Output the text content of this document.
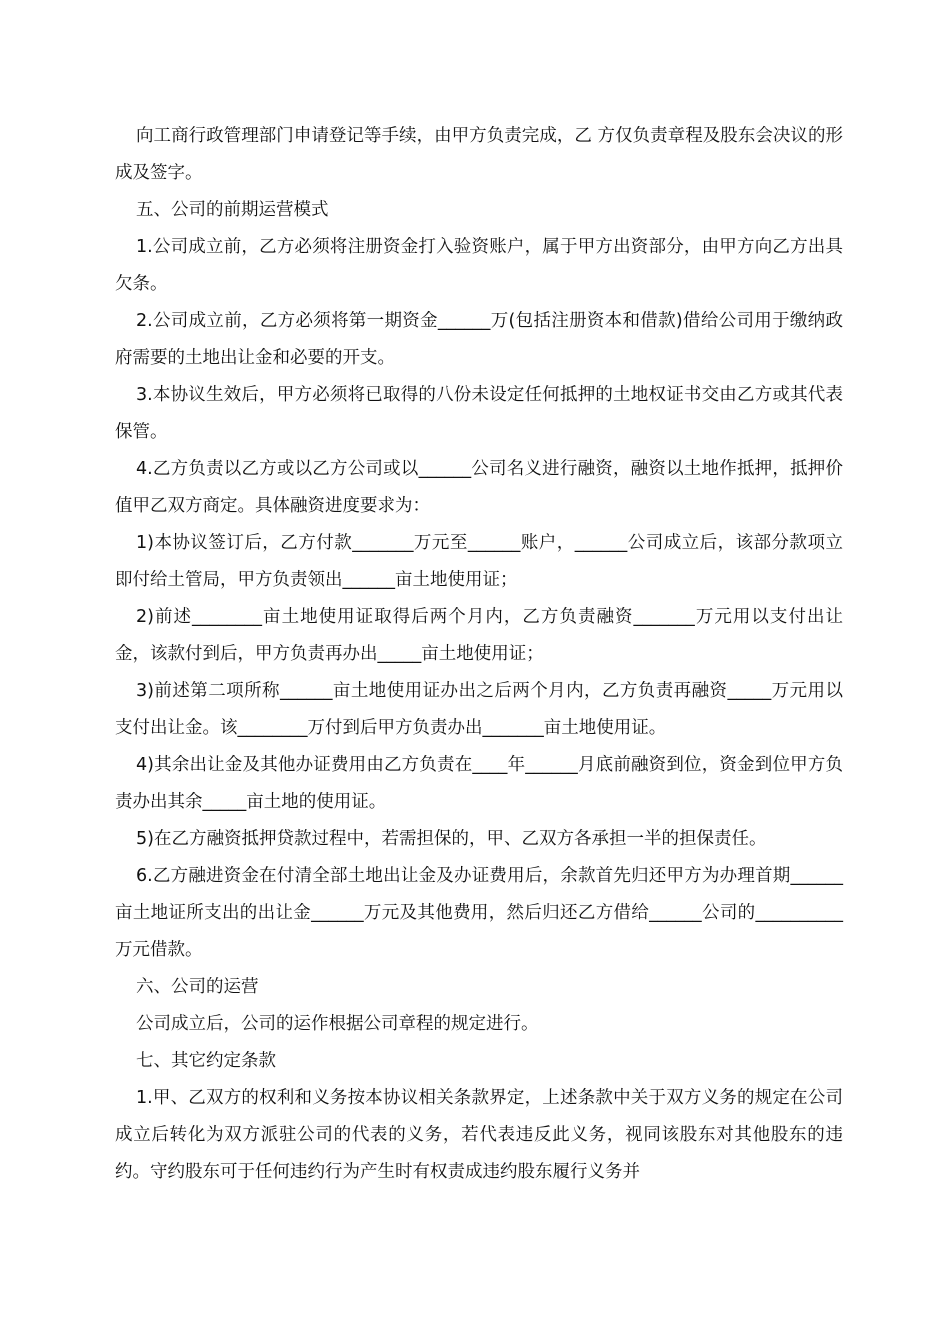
向工商行政管理部门申请登记等手续，由甲方负责完成，乙 方仅负责章程及股东会决议的形成及签字。

五、公司的前期运营模式

1.公司成立前，乙方必须将注册资金打入验资账户，属于甲方出资部分，由甲方向乙方出具欠条。

2.公司成立前，乙方必须将第一期资金______万(包括注册资本和借款)借给公司用于缴纳政府需要的土地出让金和必要的开支。

3.本协议生效后，甲方必须将已取得的八份未设定任何抵押的土地权证书交由乙方或其代表保管。

4.乙方负责以乙方或以乙方公司或以______公司名义进行融资，融资以土地作抵押，抵押价值甲乙双方商定。具体融资进度要求为：

1)本协议签订后，乙方付款_______万元至______账户，______公司成立后，该部分款项立即付给土管局，甲方负责领出______亩土地使用证；

2)前述________亩土地使用证取得后两个月内，乙方负责融资_______万元用以支付出让金，该款付到后，甲方负责再办出_____亩土地使用证；

3)前述第二项所称______亩土地使用证办出之后两个月内，乙方负责再融资_____万元用以支付出让金。该________万付到后甲方负责办出_______亩土地使用证。

4)其余出让金及其他办证费用由乙方负责在____年______月底前融资到位，资金到位甲方负责办出其余_____亩土地的使用证。

5)在乙方融资抵押贷款过程中，若需担保的，甲、乙双方各承担一半的担保责任。

6.乙方融进资金在付清全部土地出让金及办证费用后，余款首先归还甲方为办理首期______亩土地证所支出的出让金______万元及其他费用，然后归还乙方借给______公司的__________万元借款。

六、公司的运营

公司成立后，公司的运作根据公司章程的规定进行。

七、其它约定条款

1.甲、乙双方的权利和义务按本协议相关条款界定，上述条款中关于双方义务的规定在公司成立后转化为双方派驻公司的代表的义务，若代表违反此义务，视同该股东对其他股东的违约。守约股东可于任何违约行为产生时有权责成违约股东履行义务并
